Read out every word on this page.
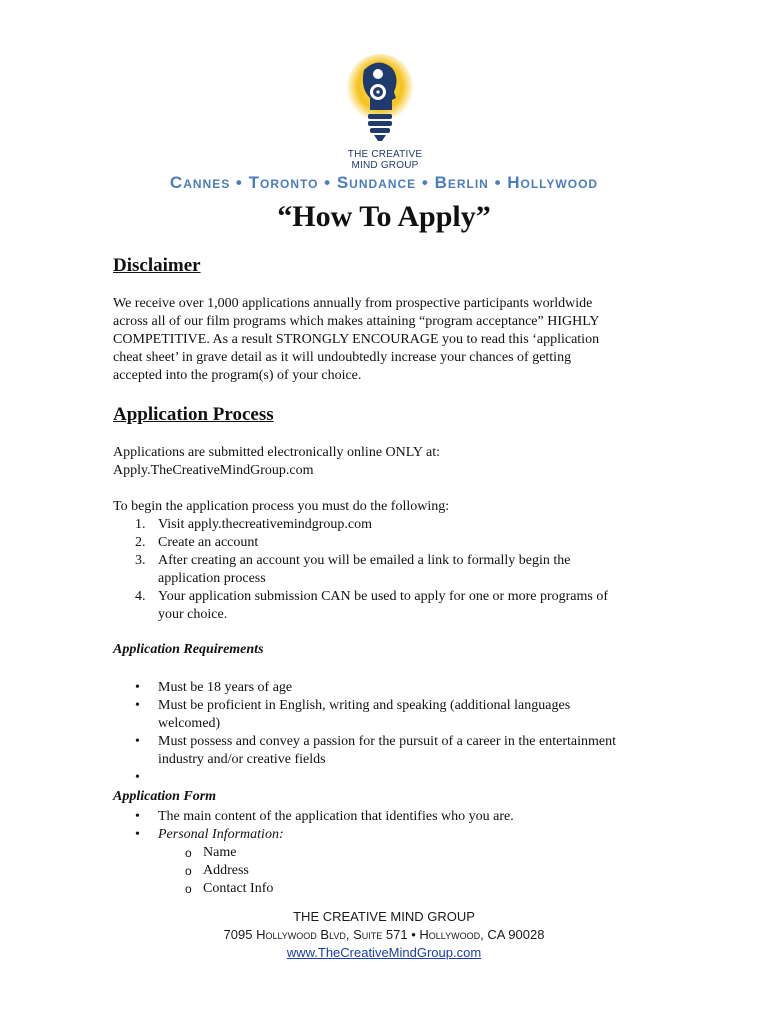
THE CREATIVE
MIND GROUP
Cannes • Toronto • Sundance • Berlin • Hollywood
“How To Apply”
Disclaimer
We receive over 1,000 applications annually from prospective participants worldwide
across all of our film programs which makes attaining “program acceptance” HIGHLY
COMPETITIVE. As a result STRONGLY ENCOURAGE you to read this ‘application
cheat sheet’ in grave detail as it will undoubtedly increase your chances of getting
accepted into the program(s) of your choice.
Application Process
Applications are submitted electronically online ONLY at:
Apply.TheCreativeMindGroup.com
To begin the application process you must do the following:
1. Visit apply.thecreativemindgroup.com
2. Create an account
3. After creating an account you will be emailed a link to formally begin the
application process
4. Your application submission CAN be used to apply for one or more programs of
your choice.
Application Requirements
• Must be 18 years of age
• Must be proficient in English, writing and speaking (additional languages
welcomed)
• Must possess and convey a passion for the pursuit of a career in the entertainment
industry and/or creative fields
•
Application Form
• The main content of the application that identifies who you are.
• Personal Information:
o Name
o Address
o Contact Info
THE CREATIVE MIND GROUP
7095 Hollywood Blvd, Suite 571 • Hollywood, CA 90028
www.TheCreativeMindGroup.com
